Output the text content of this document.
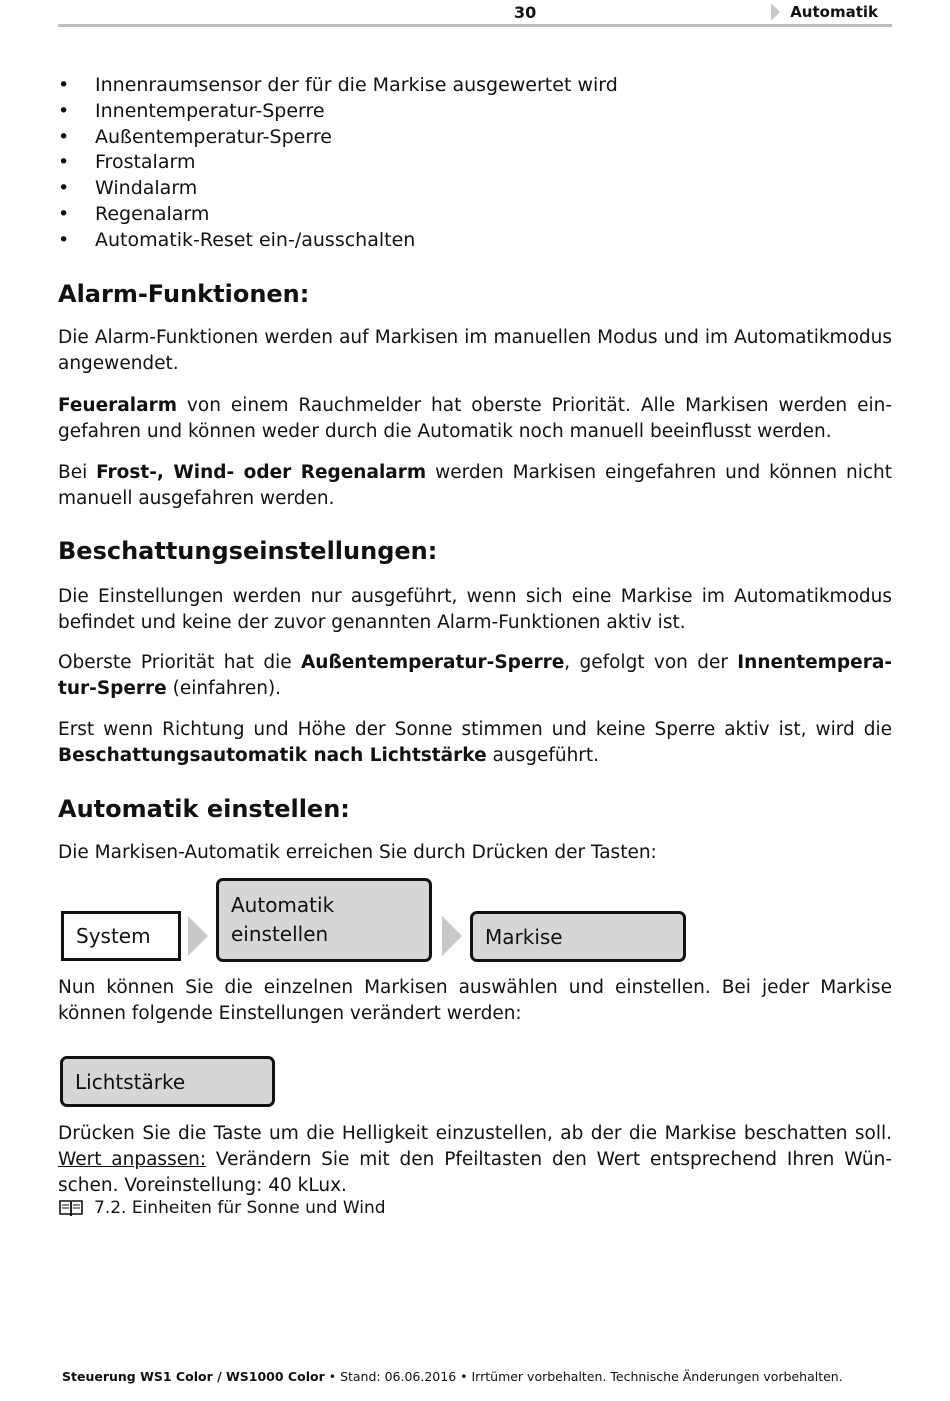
30	Automatik
• Innenraumsensor der für die Markise ausgewertet wird
• Innentemperatur-Sperre
• Außentemperatur-Sperre
• Frostalarm
• Windalarm
• Regenalarm
• Automatik-Reset ein-/ausschalten
Alarm-Funktionen:

Die Alarm-Funktionen werden auf Markisen im manuellen Modus und im Automatikmodus angewendet.

Feueralarm von einem Rauchmelder hat oberste Priorität. Alle Markisen werden eingefahren und können weder durch die Automatik noch manuell beeinflusst werden.

Bei Frost-, Wind- oder Regenalarm werden Markisen eingefahren und können nicht manuell ausgefahren werden.

Beschattungseinstellungen:

Die Einstellungen werden nur ausgeführt, wenn sich eine Markise im Automatikmodus befindet und keine der zuvor genannten Alarm-Funktionen aktiv ist.

Oberste Priorität hat die Außentemperatur-Sperre, gefolgt von der Innentemperatur-Sperre (einfahren).

Erst wenn Richtung und Höhe der Sonne stimmen und keine Sperre aktiv ist, wird die Beschattungsautomatik nach Lichtstärke ausgeführt.

Automatik einstellen:

Die Markisen-Automatik erreichen Sie durch Drücken der Tasten:

System
Automatik
einstellen	Markise

Nun können Sie die einzelnen Markisen auswählen und einstellen. Bei jeder Markise können folgende Einstellungen verändert werden:

Lichtstärke

Drücken Sie die Taste um die Helligkeit einzustellen, ab der die Markise beschatten soll. Wert anpassen: Verändern Sie mit den Pfeiltasten den Wert entsprechend Ihren Wünschen. Voreinstellung: 40 kLux.

7.2. Einheiten für Sonne und Wind
Steuerung WS1 Color / WS1000 Color • Stand: 06.06.2016 • Irrtümer vorbehalten. Technische Änderungen vorbehalten.
